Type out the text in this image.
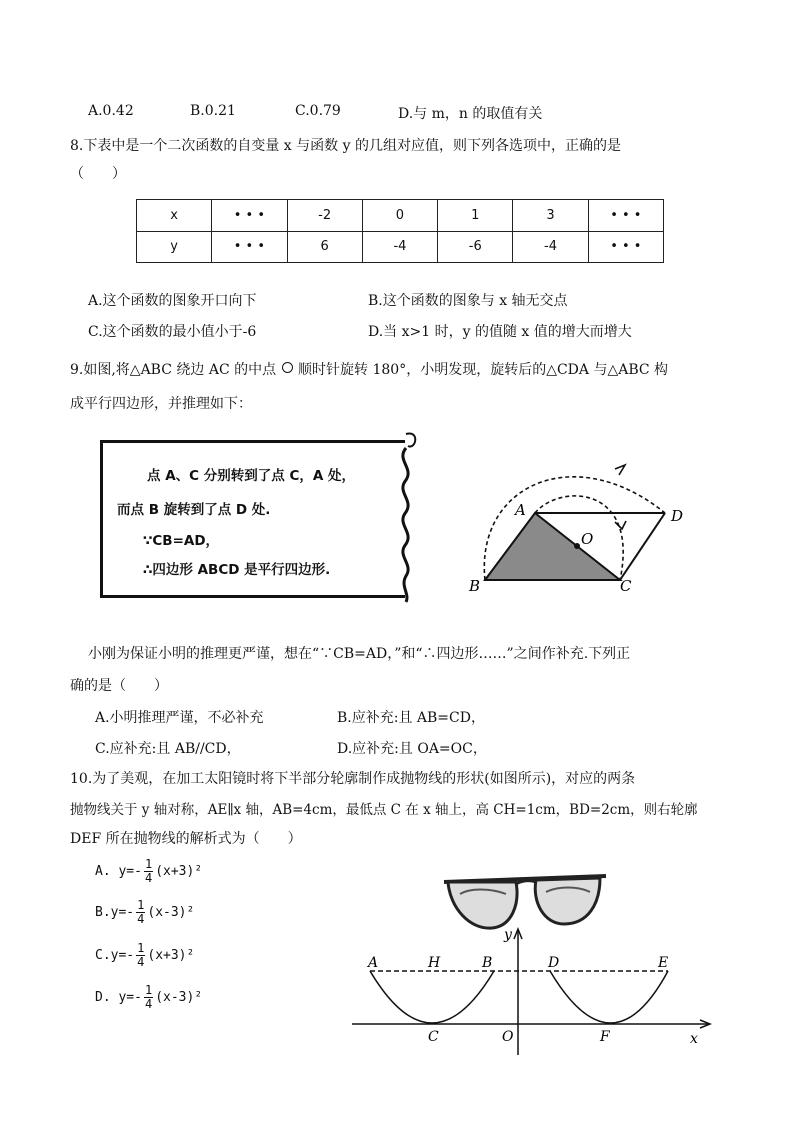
A.0.42	B.0.21	C.0.79	D.与 m，n 的取值有关
8.下表中是一个二次函数的自变量 x 与函数 y 的几组对应值，则下列各选项中，正确的是
（　　）
x	• • •	-2	0	1	3	• • •
y	• • •	6	-4	-6	-4	• • •
A.这个函数的图象开口向下	B.这个函数的图象与 x 轴无交点
C.这个函数的最小值小于-6	D.当 x>1 时，y 的值随 x 值的增大而增大
9.如图,将△ABC 绕边 AC 的中点 顺时针旋转 180°，小明发现，旋转后的△CDA 与△ABC 构
成平行四边形，并推理如下：
点 A、C 分别转到了点 C，A 处，
而点 B 旋转到了点 D 处.
∵CB=AD，
∴四边形 ABCD 是平行四边形.
A
B	C
D
O
小刚为保证小明的推理更严谨，想在“∵CB=AD，”和“∴四边形……”之间作补充.下列正
确的是（　　）
A.小明推理严谨，不必补充	B.应补充:且 AB=CD，
C.应补充:且 AB//CD，	D.应补充:且 OA=OC，
10.为了美观，在加工太阳镜时将下半部分轮廓制作成抛物线的形状(如图所示)，对应的两条
抛物线关于 y 轴对称，AE∥x 轴，AB=4cm，最低点 C 在 x 轴上，高 CH=1cm，BD=2cm，则右轮廓
DEF 所在抛物线的解析式为（　　）
A. $y=- \frac{1}{4} (x+3)^2$
$B.y=- \frac{1}{4} (x-3)^2$
$C.y=- \frac{1}{4} (x+3)^2$
D. $y=- \frac{1}{4} (x-3)^2$
A	H	B	D	E
C	O	F	x
y
